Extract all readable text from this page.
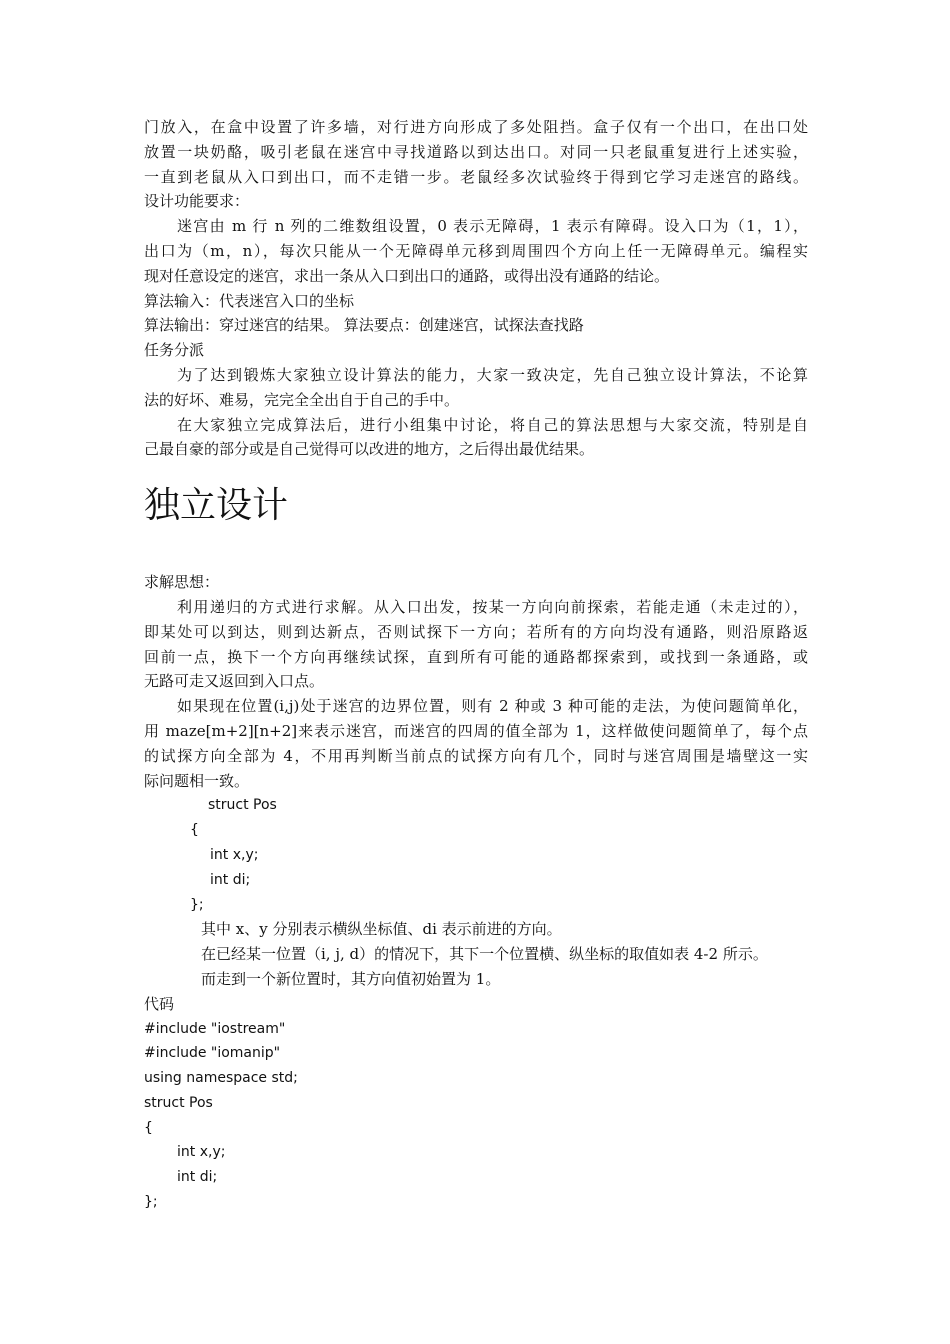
门放入，在盒中设置了许多墙，对行进方向形成了多处阻挡。盒子仅有一个出口，在出口处
放置一块奶酪，吸引老鼠在迷宫中寻找道路以到达出口。对同一只老鼠重复进行上述实验，
一直到老鼠从入口到出口，而不走错一步。老鼠经多次试验终于得到它学习走迷宫的路线。
设计功能要求：
迷宫由 m 行 n 列的二维数组设置，0 表示无障碍，1 表示有障碍。设入口为（1，1），
出口为（m，n），每次只能从一个无障碍单元移到周围四个方向上任一无障碍单元。编程实
现对任意设定的迷宫，求出一条从入口到出口的通路，或得出没有通路的结论。
算法输入：代表迷宫入口的坐标
算法输出：穿过迷宫的结果。 算法要点：创建迷宫，试探法查找路
任务分派
为了达到锻炼大家独立设计算法的能力，大家一致决定，先自己独立设计算法，不论算
法的好坏、难易，完完全全出自于自己的手中。
在大家独立完成算法后，进行小组集中讨论，将自己的算法思想与大家交流，特别是自
己最自豪的部分或是自己觉得可以改进的地方，之后得出最优结果。
独立设计
求解思想：
利用递归的方式进行求解。从入口出发，按某一方向向前探索，若能走通（未走过的），
即某处可以到达，则到达新点，否则试探下一方向；若所有的方向均没有通路，则沿原路返
回前一点，换下一个方向再继续试探，直到所有可能的通路都探索到，或找到一条通路，或
无路可走又返回到入口点。
如果现在位置(i,j)处于迷宫的边界位置，则有 2 种或 3 种可能的走法，为使问题简单化，
用 maze[m+2][n+2]来表示迷宫，而迷宫的四周的值全部为 1，这样做使问题简单了，每个点
的试探方向全部为 4，不用再判断当前点的试探方向有几个，同时与迷宫周围是墙壁这一实
际问题相一致。
struct Pos
{
int x,y;
int di;
};
其中 x、y 分别表示横纵坐标值、di 表示前进的方向。
在已经某一位置（i, j, d）的情况下，其下一个位置横、纵坐标的取值如表 4-2 所示。
而走到一个新位置时，其方向值初始置为 1。
代码
#include "iostream"
#include "iomanip"
using namespace std;
struct Pos
{
int x,y;
int di;
};
